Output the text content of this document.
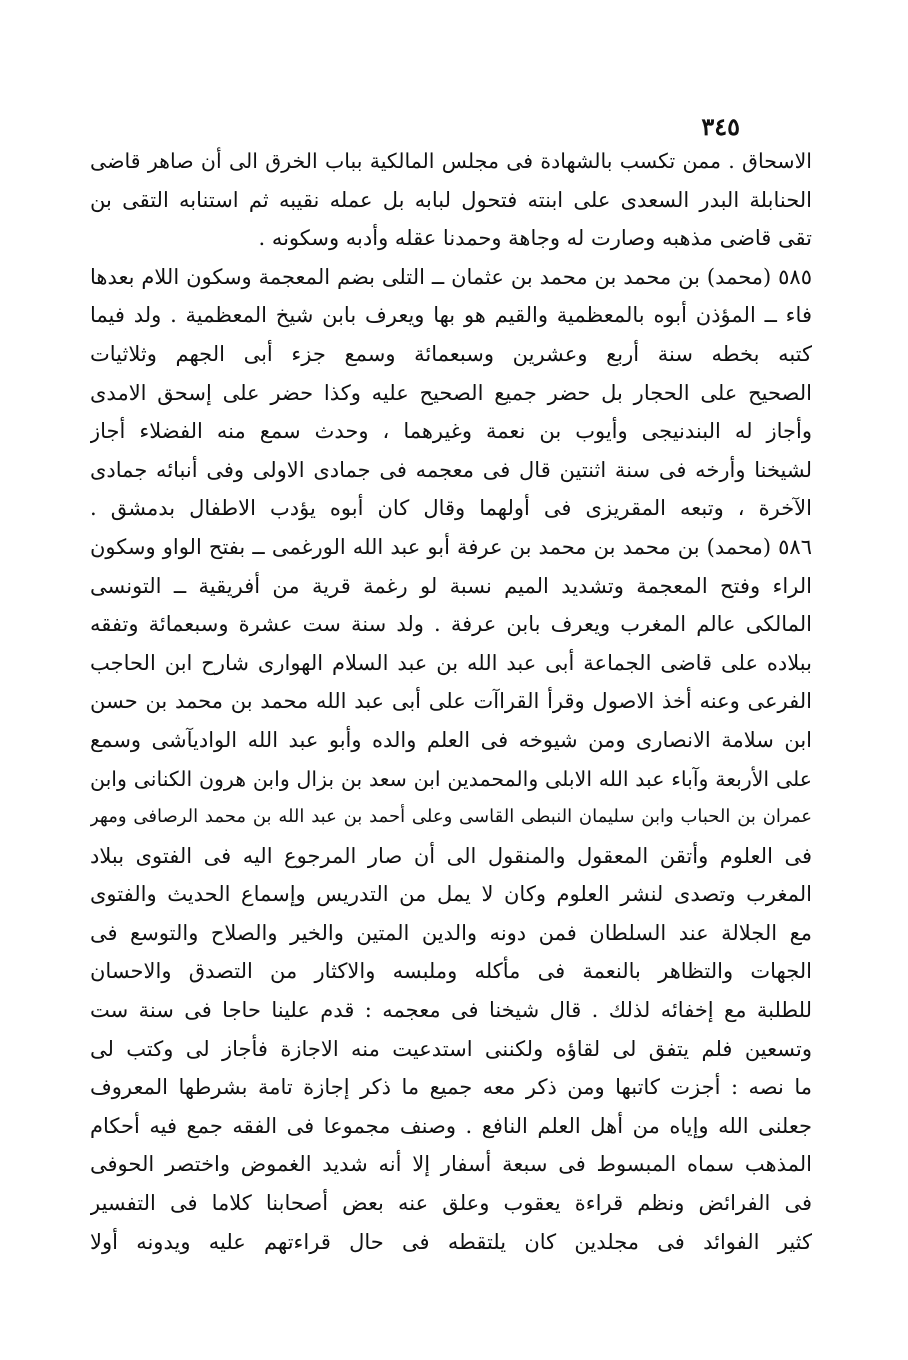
٣٤٥
الاسحاق . ممن تكسب بالشهادة فى مجلس المالكية بباب الخرق الى أن صاهر قاضى
الحنابلة البدر السعدى على ابنته فتحول لبابه بل عمله نقيبه ثم استنابه التقى بن
تقى قاضى مذهبه وصارت له وجاهة وحمدنا عقله وأدبه وسكونه .
٥٨٥ (محمد) بن محمد بن محمد بن عثمان ــ التلى بضم المعجمة وسكون اللام بعدها
فاء ــ المؤذن أبوه بالمعظمية والقيم هو بها ويعرف بابن شيخ المعظمية . ولد فيما
كتبه بخطه سنة أربع وعشرين وسبعمائة وسمع جزء أبى الجهم وثلاثيات
الصحيح على الحجار بل حضر جميع الصحيح عليه وكذا حضر على إسحق الامدى
وأجاز له البندنيجى وأيوب بن نعمة وغيرهما ، وحدث سمع منه الفضلاء أجاز
لشيخنا وأرخه فى سنة اثنتين قال فى معجمه فى جمادى الاولى وفى أنبائه جمادى
الآخرة ، وتبعه المقريزى فى أولهما وقال كان أبوه يؤدب الاطفال بدمشق .
٥٨٦ (محمد) بن محمد بن محمد بن عرفة أبو عبد الله الورغمى ــ بفتح الواو وسكون
الراء وفتح المعجمة وتشديد الميم نسبة لو رغمة قرية من أفريقية ــ التونسى
المالكى عالم المغرب ويعرف بابن عرفة . ولد سنة ست عشرة وسبعمائة وتفقه
ببلاده على قاضى الجماعة أبى عبد الله بن عبد السلام الهوارى شارح ابن الحاجب
الفرعى وعنه أخذ الاصول وقرأ القراآت على أبى عبد الله محمد بن محمد بن حسن
ابن سلامة الانصارى ومن شيوخه فى العلم والده وأبو عبد الله الواديآشى وسمع
على الأربعة وآباء عبد الله الابلى والمحمدين ابن سعد بن بزال وابن هرون الكنانى وابن
عمران بن الحباب وابن سليمان النبطى القاسى وعلى أحمد بن عبد الله بن محمد الرصافى ومهر
فى العلوم وأتقن المعقول والمنقول الى أن صار المرجوع اليه فى الفتوى ببلاد
المغرب وتصدى لنشر العلوم وكان لا يمل من التدريس وإسماع الحديث والفتوى
مع الجلالة عند السلطان فمن دونه والدين المتين والخير والصلاح والتوسع فى
الجهات والتظاهر بالنعمة فى مأكله وملبسه والاكثار من التصدق والاحسان
للطلبة مع إخفائه لذلك . قال شيخنا فى معجمه : قدم علينا حاجا فى سنة ست
وتسعين فلم يتفق لى لقاؤه ولكننى استدعيت منه الاجازة فأجاز لى وكتب لى
ما نصه : أجزت كاتبها ومن ذكر معه جميع ما ذكر إجازة تامة بشرطها المعروف
جعلنى الله وإياه من أهل العلم النافع . وصنف مجموعا فى الفقه جمع فيه أحكام
المذهب سماه المبسوط فى سبعة أسفار إلا أنه شديد الغموض واختصر الحوفى
فى الفرائض ونظم قراءة يعقوب وعلق عنه بعض أصحابنا كلاما فى التفسير
كثير الفوائد فى مجلدين كان يلتقطه فى حال قراءتهم عليه ويدونه أولا
